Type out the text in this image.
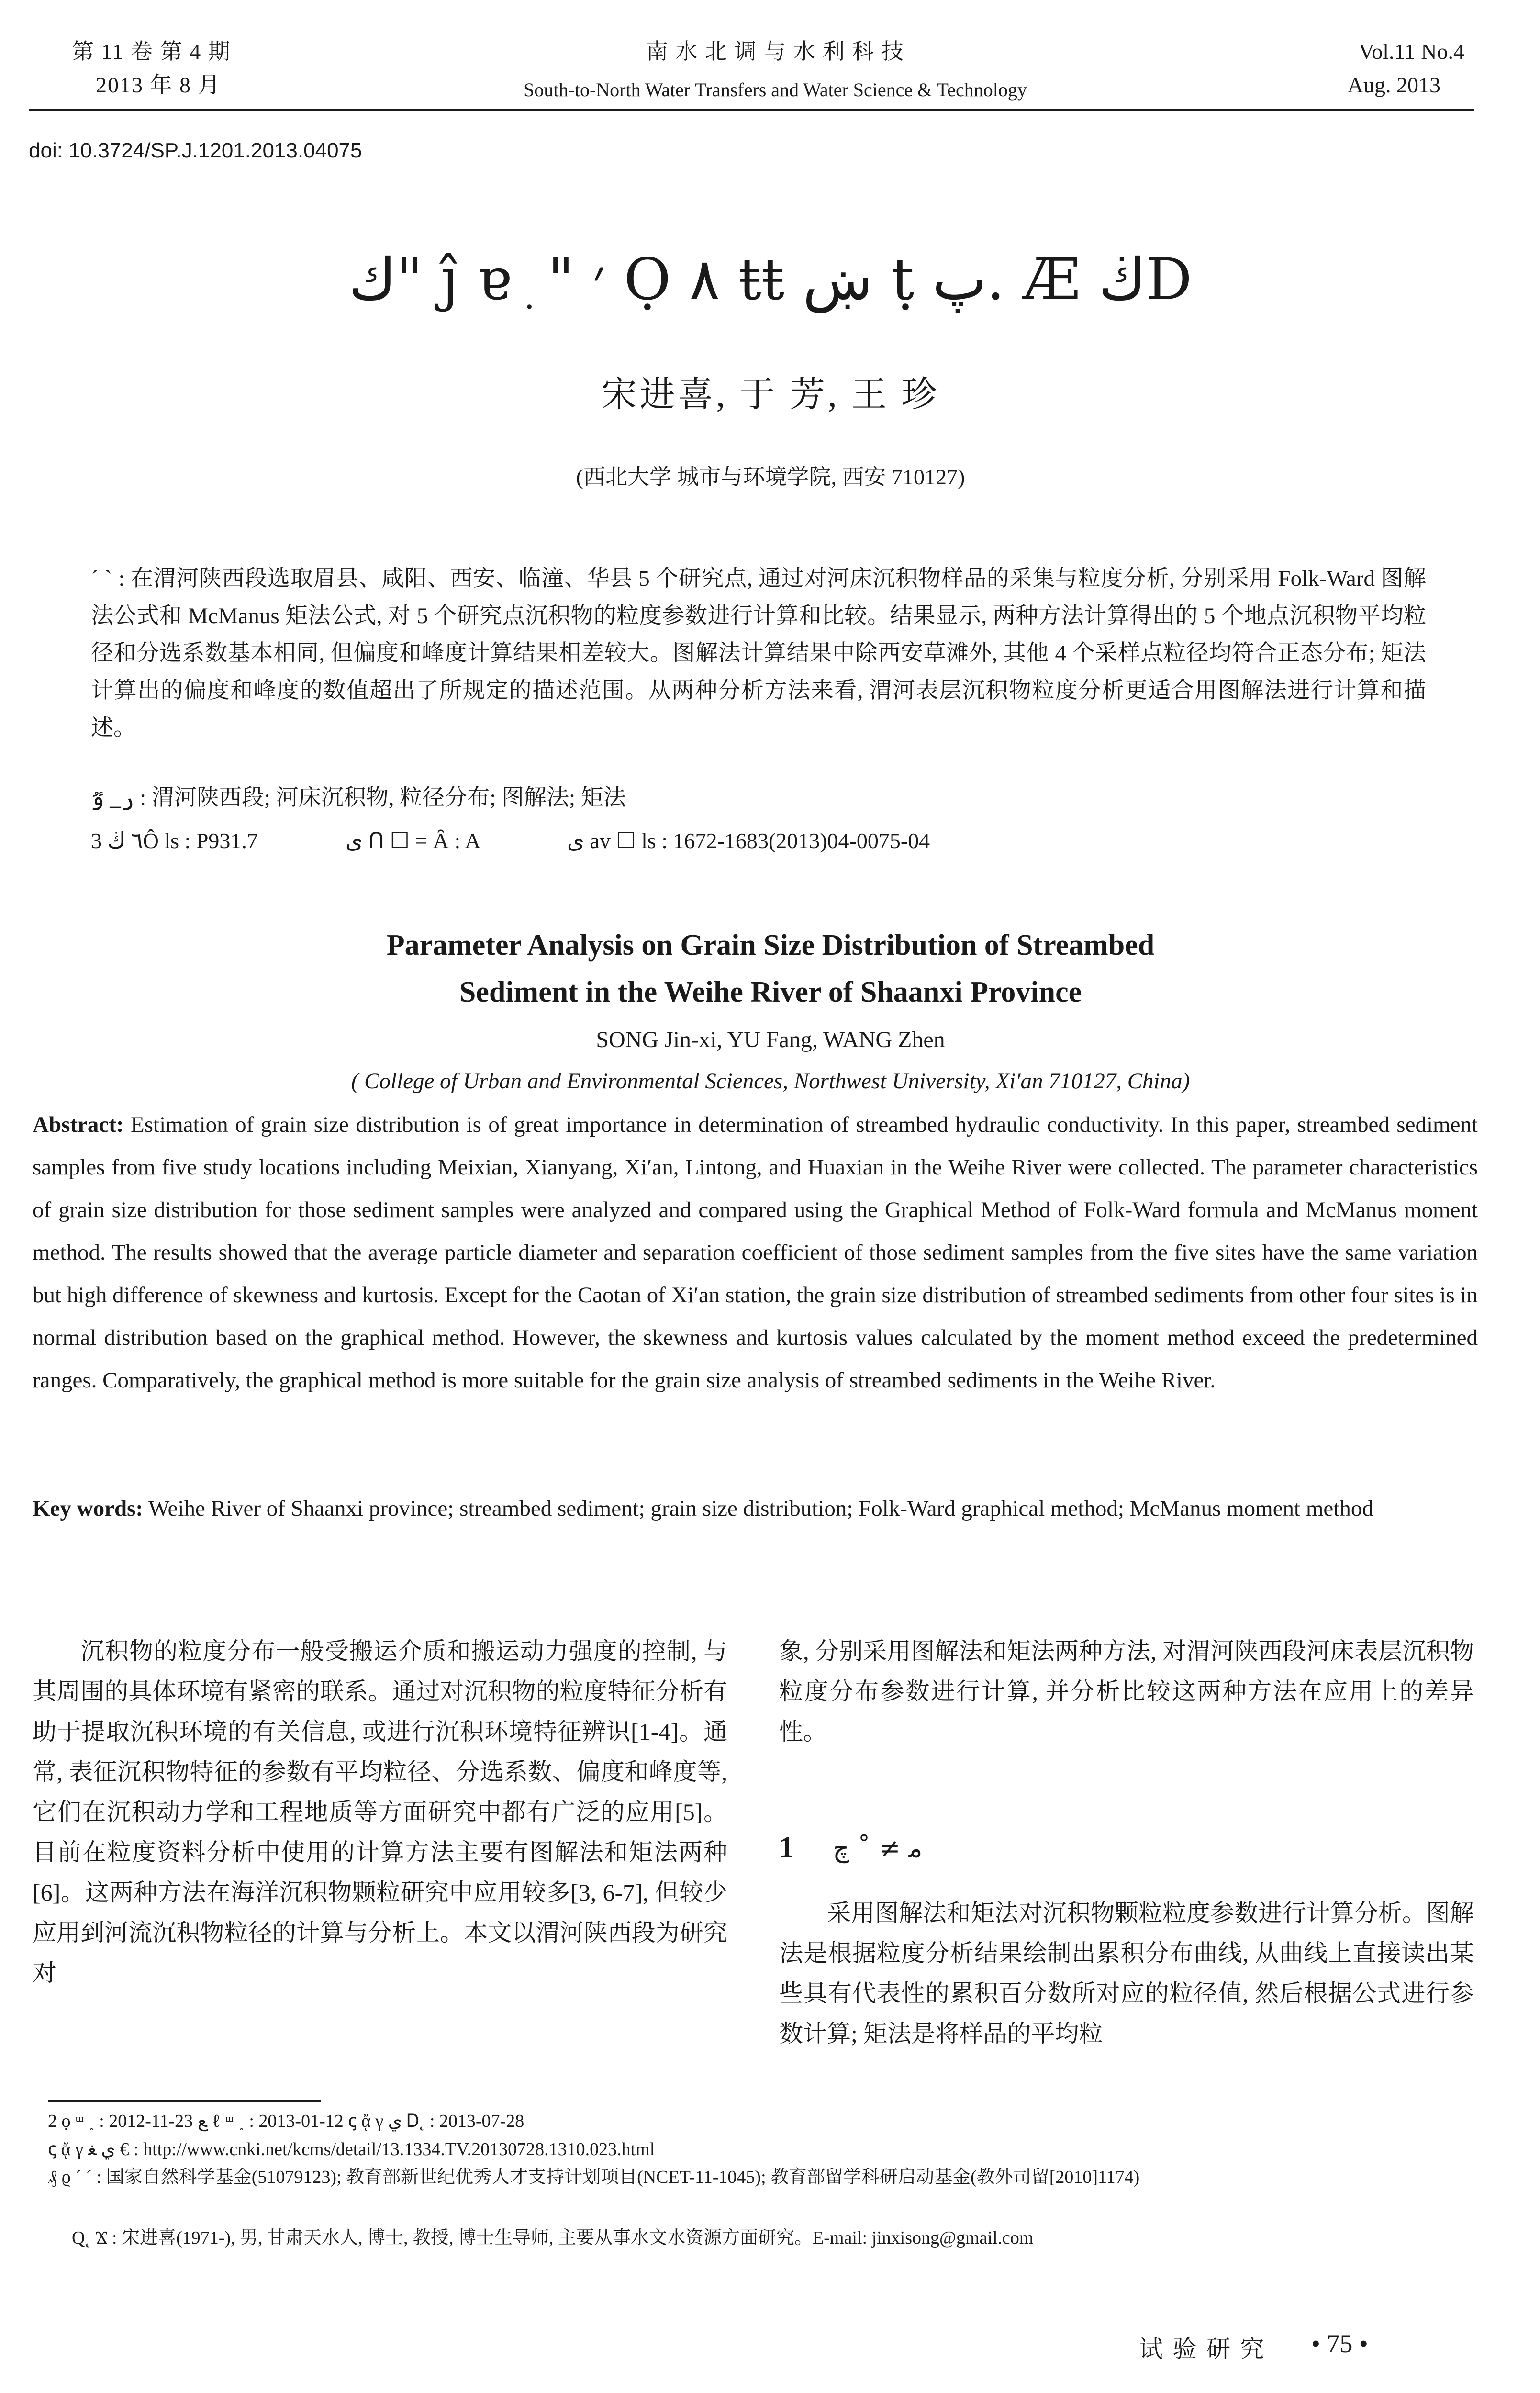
第 11 卷 第 4 期
2013 年 8 月
南 水 北 调 与 水 利 科 技
South-to-North Water Transfers and Water Science & Technology
Vol.11 No.4
Aug. 2013
doi: 10.3724/SP.J.1201.2013.04075
ك" ĵ ɐ ִ " ׳ Ọ ٨ ŧŧ ښ ṭ پ. Æ ڬD
宋进喜, 于 芳, 王 珍
(西北大学 城市与环境学院, 西安 710127)
ˊ ˋ : 在渭河陕西段选取眉县、咸阳、西安、临潼、华县 5 个研究点, 通过对河床沉积物样品的采集与粒度分析, 分别采用 Folk-Ward 图解法公式和 McManus 矩法公式, 对 5 个研究点沉积物的粒度参数进行计算和比较。结果显示, 两种方法计算得出的 5 个地点沉积物平均粒径和分选系数基本相同, 但偏度和峰度计算结果相差较大。图解法计算结果中除西安草滩外, 其他 4 个采样点粒径均符合正态分布; 矩法计算出的偏度和峰度的数值超出了所规定的描述范围。从两种分析方法来看, 渭河表层沉积物粒度分析更适合用图解法进行计算和描述。
ر_ ٷ : 渭河陕西段; 河床沉积物, 粒径分布; 图解法; 矩法
3 ٦ ڬÔ ls : P931.7	ى ᑎ ☐ = Ȃ : A	ى av ☐ ls : 1672-1683(2013)04-0075-04
Parameter Analysis on Grain Size Distribution of Streambed
Sediment in the Weihe River of Shaanxi Province
SONG Jin-xi, YU Fang, WANG Zhen
( College of Urban and Environmental Sciences, Northwest University, Xi′an 710127, China)
Abstract: Estimation of grain size distribution is of great importance in determination of streambed hydraulic conductivity. In this paper, streambed sediment samples from five study locations including Meixian, Xianyang, Xi′an, Lintong, and Huaxian in the Weihe River were collected. The parameter characteristics of grain size distribution for those sediment samples were analyzed and compared using the Graphical Method of Folk-Ward formula and McManus moment method. The results showed that the average particle diameter and separation coefficient of those sediment samples from the five sites have the same variation but high difference of skewness and kurtosis. Except for the Caotan of Xi′an station, the grain size distribution of streambed sediments from other four sites is in normal distribution based on the graphical method. However, the skewness and kurtosis values calculated by the moment method exceed the predetermined ranges. Comparatively, the graphical method is more suitable for the grain size analysis of streambed sediments in the Weihe River.
Key words: Weihe River of Shaanxi province; streambed sediment; grain size distribution; Folk-Ward graphical method; McManus moment method
沉积物的粒度分布一般受搬运介质和搬运动力强度的控制, 与其周围的具体环境有紧密的联系。通过对沉积物的粒度特征分析有助于提取沉积环境的有关信息, 或进行沉积环境特征辨识[1-4]。通常, 表征沉积物特征的参数有平均粒径、分选系数、偏度和峰度等, 它们在沉积动力学和工程地质等方面研究中都有广泛的应用[5]。目前在粒度资料分析中使用的计算方法主要有图解法和矩法两种[6]。这两种方法在海洋沉积物颗粒研究中应用较多[3, 6-7], 但较少应用到河流沉积物粒径的计算与分析上。本文以渭河陕西段为研究对
象, 分别采用图解法和矩法两种方法, 对渭河陕西段河床表层沉积物粒度分布参数进行计算, 并分析比较这两种方法在应用上的差异性。
1 ﻣ ≠ ˚ ﭺ
采用图解法和矩法对沉积物颗粒粒度参数进行计算分析。图解法是根据粒度分析结果绘制出累积分布曲线, 从曲线上直接读出某些具有代表性的累积百分数所对应的粒径值, 然后根据公式进行参数计算; 矩法是将样品的平均粒
2 ọ ᵚ ˰ : 2012-11-23 ﻊ ℓ ᵚ ˰ : 2013-01-12 ꞔ ᾄ γ ي Ꭰ˛ : 2013-07-28
ꞔ ᾄ γ ي ﻐ € : http://www.cnki.net/kcms/detail/13.1334.TV.20130728.1310.023.html
₰ ϱ ˊ ˊ : 国家自然科学基金(51079123); 教育部新世纪优秀人才支持计划项目(NCET-11-1045); 教育部留学科研启动基金(教外司留[2010]1174)
Q˛ Ϫ : 宋进喜(1971-), 男, 甘肃天水人, 博士, 教授, 博士生导师, 主要从事水文水资源方面研究。E-mail: jinxisong@gmail.com
试 验 研 究 • 75 •
